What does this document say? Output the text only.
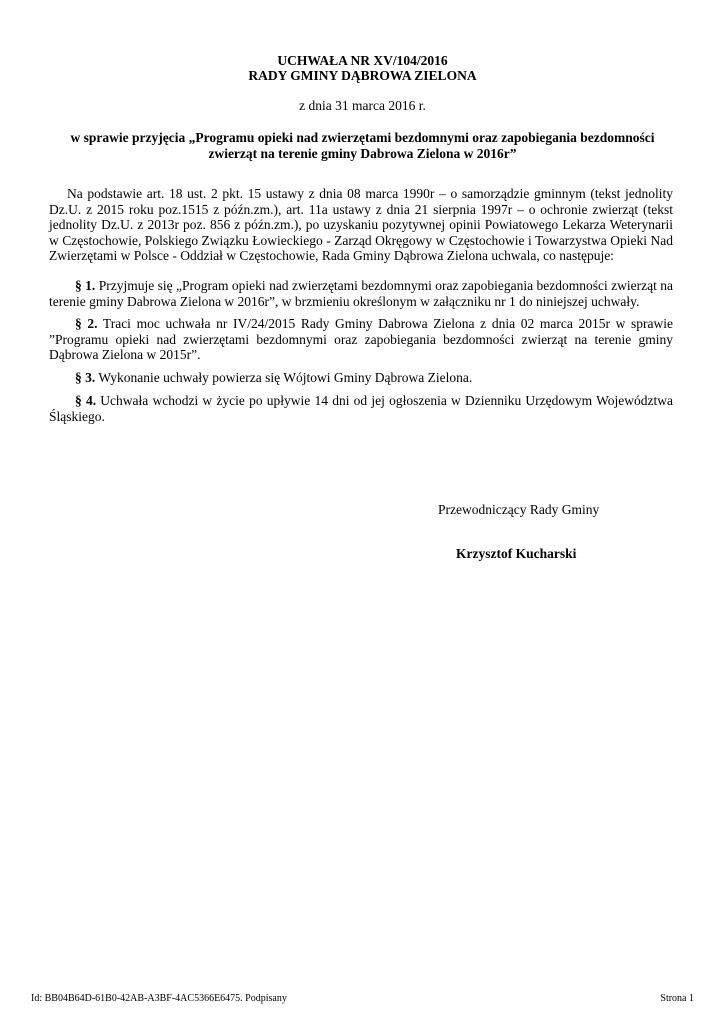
UCHWAŁA NR XV/104/2016
RADY GMINY DĄBROWA ZIELONA
z dnia 31 marca 2016 r.
w sprawie przyjęcia „Programu opieki nad zwierzętami bezdomnymi oraz zapobiegania bezdomności zwierząt na terenie gminy Dabrowa Zielona w 2016r”

Na podstawie art. 18 ust. 2 pkt. 15 ustawy z dnia 08 marca 1990r – o samorządzie gminnym (tekst jednolity Dz.U. z 2015 roku poz.1515 z późn.zm.), art. 11a ustawy z dnia 21 sierpnia 1997r – o ochronie zwierząt (tekst jednolity Dz.U. z 2013r poz. 856 z późn.zm.), po uzyskaniu pozytywnej opinii Powiatowego Lekarza Weterynarii w Częstochowie, Polskiego Związku Łowieckiego - Zarząd Okręgowy w Częstochowie i Towarzystwa Opieki Nad Zwierzętami w Polsce - Oddział w Częstochowie, Rada Gminy Dąbrowa Zielona uchwala, co następuje:

§ 1. Przyjmuje się „Program opieki nad zwierzętami bezdomnymi oraz zapobiegania bezdomności zwierząt na terenie gminy Dabrowa Zielona w 2016r”, w brzmieniu określonym w załączniku nr 1 do niniejszej uchwały.

§ 2. Traci moc uchwała nr IV/24/2015 Rady Gminy Dabrowa Zielona z dnia 02 marca 2015r w sprawie ”Programu opieki nad zwierzętami bezdomnymi oraz zapobiegania bezdomności zwierząt na terenie gminy Dąbrowa Zielona w 2015r”.

§ 3. Wykonanie uchwały powierza się Wójtowi Gminy Dąbrowa Zielona.

§ 4. Uchwała wchodzi w życie po upływie 14 dni od jej ogłoszenia w Dzienniku Urzędowym Województwa Śląskiego.

Przewodniczący Rady Gminy
Krzysztof Kucharski
Id: BB04B64D-61B0-42AB-A3BF-4AC5366E6475. Podpisany	Strona 1
